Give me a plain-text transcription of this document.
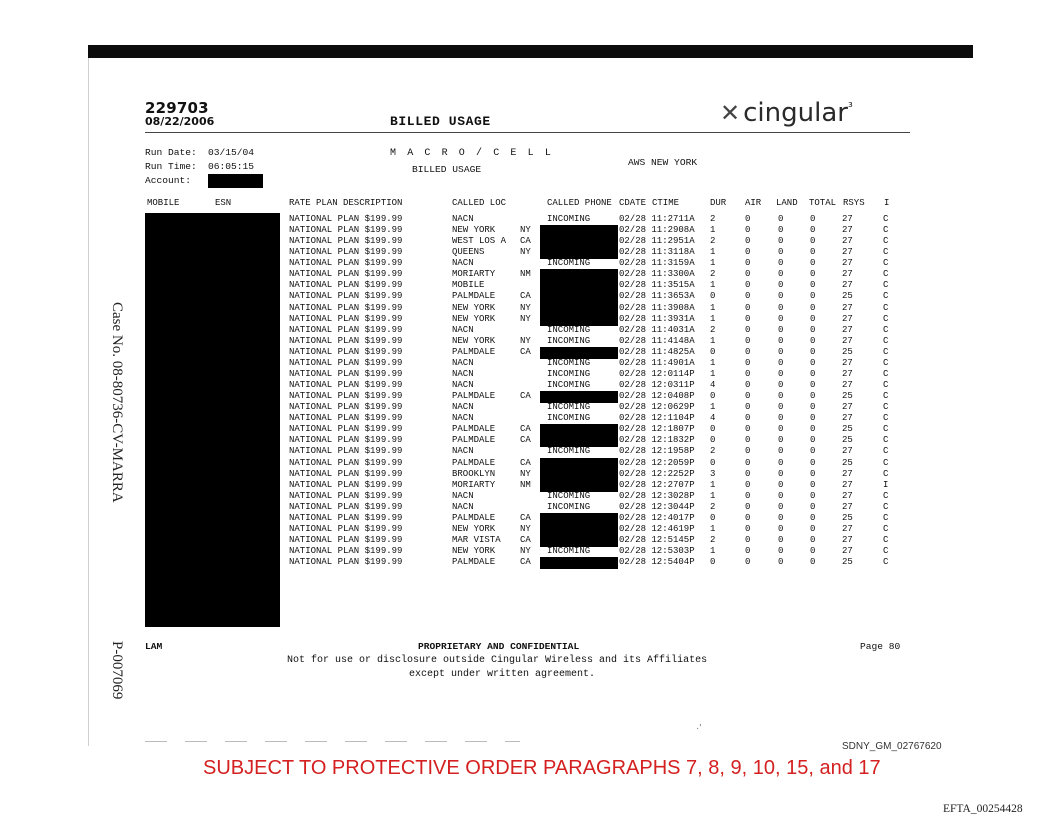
229703
08/22/2006	BILLED USAGE	✕ cingular$^{_3}$
Run Date: 03/15/04
Run Time: 06:05:15
Account:
M A C R O / C E L L
BILLED USAGE
AWS NEW YORK
MOBILE	ESN	RATE PLAN DESCRIPTION	CALLED LOC	CALLED PHONE CDATE CTIME	DUR AIR LAND TOTAL RSYS I
NATIONAL PLAN $199.99	NACN	INCOMING	02/28 11:2711A 2	0	0	0	27	C
NATIONAL PLAN $199.99	NEW YORK	NY	02/28 11:2908A 1	0	0	0	27	C
NATIONAL PLAN $199.99	WEST LOS A CA	02/28 11:2951A 2	0	0	0	27	C
NATIONAL PLAN $199.99	QUEENS	NY	02/28 11:3118A 1	0	0	0	27	C
NATIONAL PLAN $199.99	NACN	INCOMING	02/28 11:3159A 1	0	0	0	27	C
NATIONAL PLAN $199.99	MORIARTY	NM	02/28 11:3300A 2	0	0	0	27	C
NATIONAL PLAN $199.99	MOBILE	02/28 11:3515A 1	0	0	0	27	C
NATIONAL PLAN $199.99	PALMDALE	CA	02/28 11:3653A 0	0	0	0	25	C
NATIONAL PLAN $199.99	NEW YORK	NY	02/28 11:3908A 1	0	0	0	27	C
NATIONAL PLAN $199.99	NEW YORK	NY	02/28 11:3931A 1	0	0	0	27	C
NATIONAL PLAN $199.99	NACN	INCOMING	02/28 11:4031A 2	0	0	0	27	C
NATIONAL PLAN $199.99	NEW YORK	NY INCOMING	02/28 11:4148A 1	0	0	0	27	C
NATIONAL PLAN $199.99	PALMDALE	CA	02/28 11:4825A 0	0	0	0	25	C
NATIONAL PLAN $199.99	NACN	INCOMING	02/28 11:4901A 1	0	0	0	27	C
NATIONAL PLAN $199.99	NACN	INCOMING	02/28 12:0114P 1	0	0	0	27	C
NATIONAL PLAN $199.99	NACN	INCOMING	02/28 12:0311P 4	0	0	0	27	C
NATIONAL PLAN $199.99	PALMDALE	CA	02/28 12:0408P 0	0	0	0	25	C
NATIONAL PLAN $199.99	NACN	INCOMING	02/28 12:0629P 1	0	0	0	27	C
NATIONAL PLAN $199.99	NACN	INCOMING	02/28 12:1104P 4	0	0	0	27	C
NATIONAL PLAN $199.99	PALMDALE	CA	02/28 12:1807P 0	0	0	0	25	C
NATIONAL PLAN $199.99	PALMDALE	CA	02/28 12:1832P 0	0	0	0	25	C
NATIONAL PLAN $199.99	NACN	INCOMING	02/28 12:1958P 2	0	0	0	27	C
NATIONAL PLAN $199.99	PALMDALE	CA	02/28 12:2059P 0	0	0	0	25	C
NATIONAL PLAN $199.99	BROOKLYN	NY	02/28 12:2252P 3	0	0	0	27	C
NATIONAL PLAN $199.99	MORIARTY	NM	02/28 12:2707P 1	0	0	0	27	I
NATIONAL PLAN $199.99	NACN	INCOMING	02/28 12:3028P 1	0	0	0	27	C
NATIONAL PLAN $199.99	NACN	INCOMING	02/28 12:3044P 2	0	0	0	27	C
NATIONAL PLAN $199.99	PALMDALE	CA	02/28 12:4017P 0	0	0	0	25	C
NATIONAL PLAN $199.99	NEW YORK	NY	02/28 12:4619P 1	0	0	0	27	C
NATIONAL PLAN $199.99	MAR VISTA CA	02/28 12:5145P 2	0	0	0	27	C
NATIONAL PLAN $199.99	NEW YORK	NY INCOMING	02/28 12:5303P 1	0	0	0	27	C
NATIONAL PLAN $199.99	PALMDALE	CA	02/28 12:5404P 0	0	0	0	25	C
LAM	PROPRIETARY AND CONFIDENTIAL	Page 80
Not for use or disclosure outside Cingular Wireless and its Affiliates
except under written agreement.
Case No. 08-80736-CV-MARRA
P-007069
·'
SDNY_GM_02767620
SUBJECT TO PROTECTIVE ORDER PARAGRAPHS 7, 8, 9, 10, 15, and 17
EFTA_00254428
